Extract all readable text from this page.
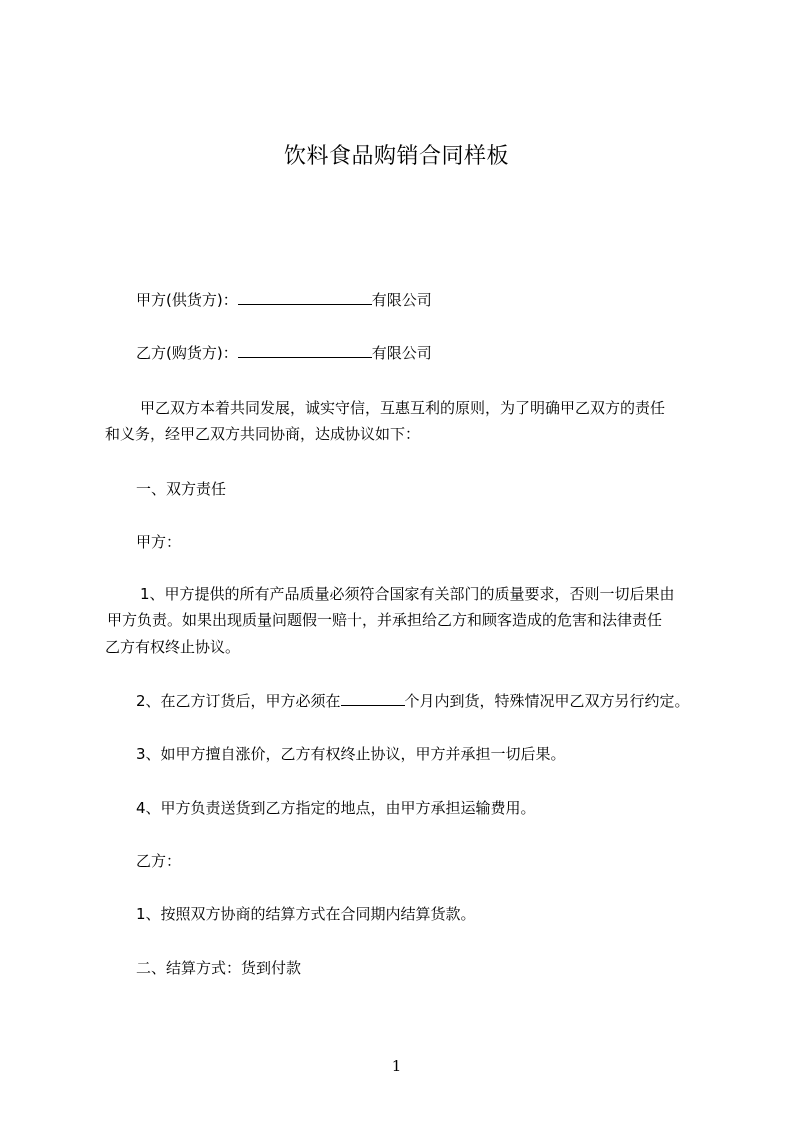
饮料食品购销合同样板
甲方(供货方)：	有限公司
乙方(购货方)：	有限公司
甲乙双方本着共同发展，诚实守信，互惠互利的原则，为了明确甲乙双方的责任
和义务，经甲乙双方共同协商，达成协议如下：
一、双方责任
甲方：
1、甲方提供的所有产品质量必须符合国家有关部门的质量要求，否则一切后果由
甲方负责。如果出现质量问题假一赔十，并承担给乙方和顾客造成的危害和法律责任
乙方有权终止协议。
2、在乙方订货后，甲方必须在	个月内到货，特殊情况甲乙双方另行约定。
3、如甲方擅自涨价，乙方有权终止协议，甲方并承担一切后果。
4、甲方负责送货到乙方指定的地点，由甲方承担运输费用。
乙方：
1、按照双方协商的结算方式在合同期内结算货款。
二、结算方式：货到付款
1
